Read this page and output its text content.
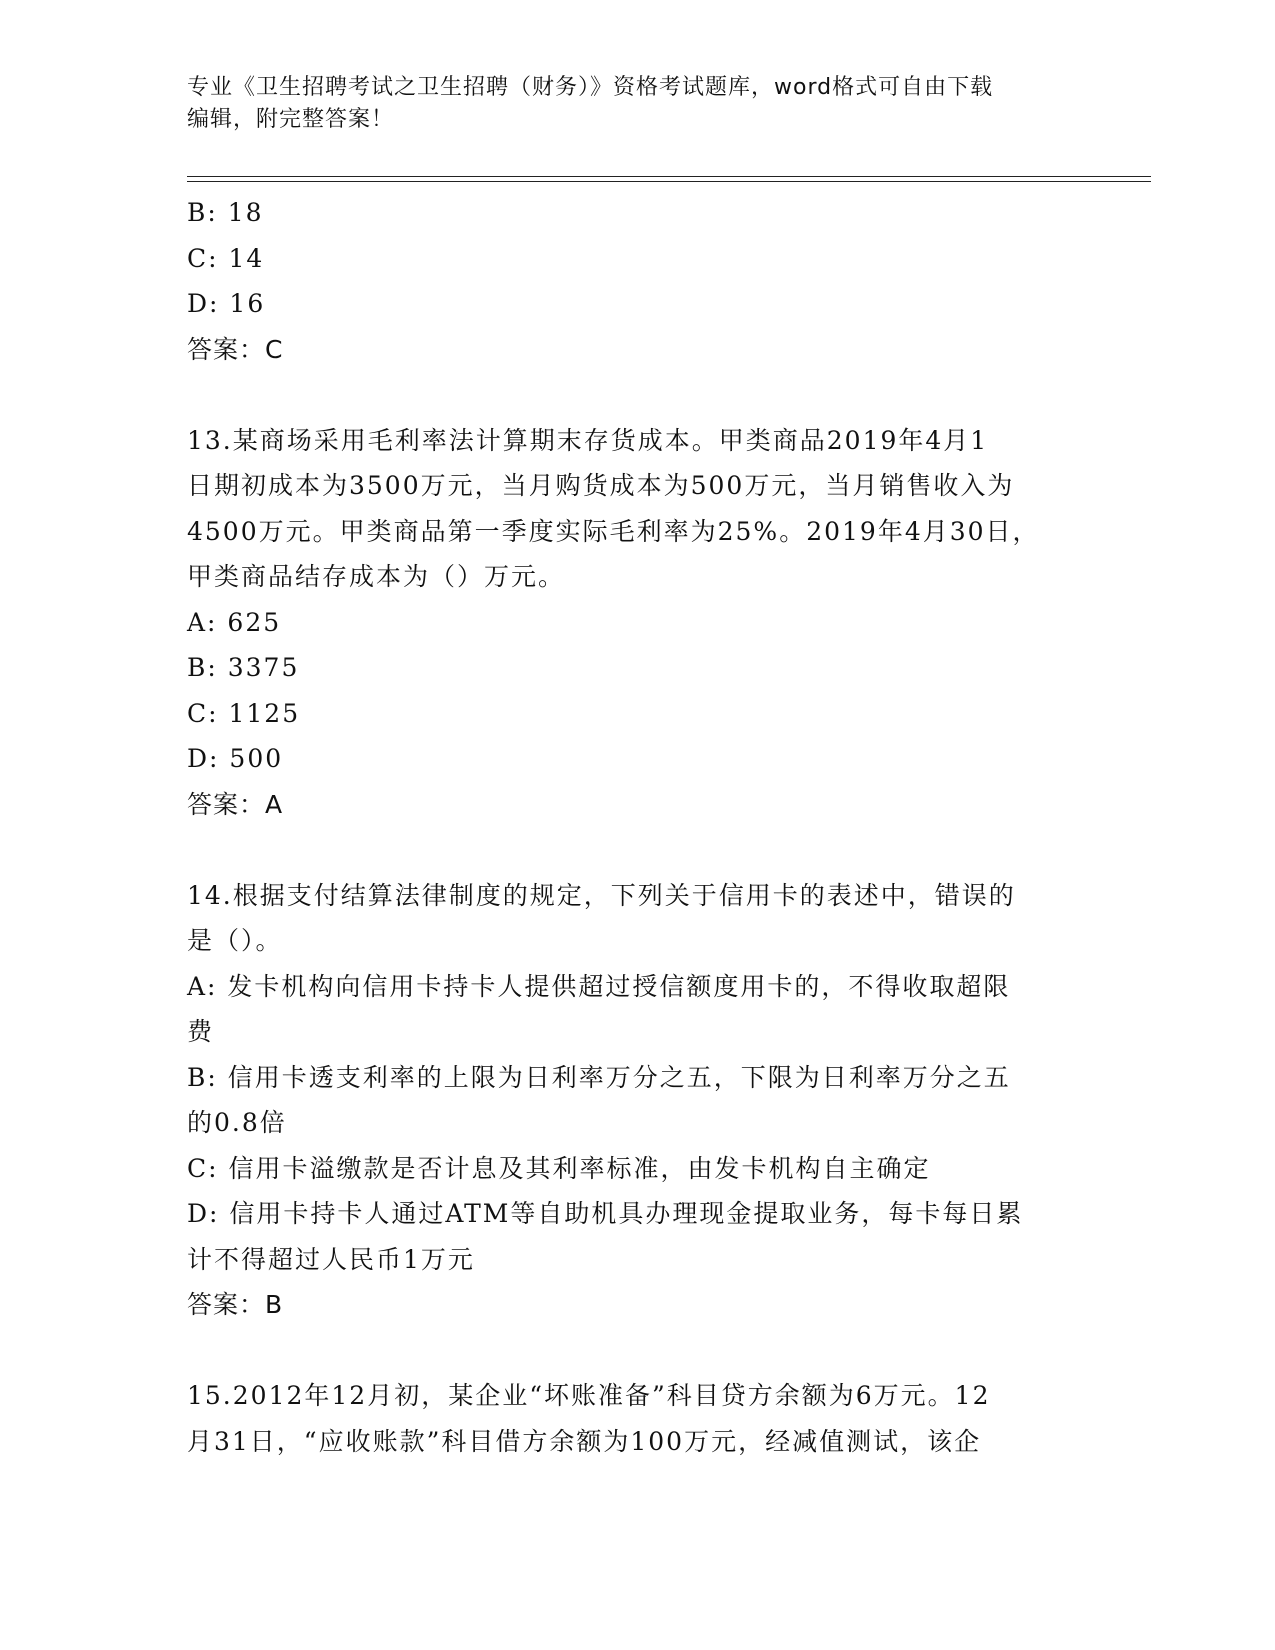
专业《卫生招聘考试之卫生招聘（财务）》资格考试题库，word格式可自由下载
编辑，附完整答案！

B: 18

C: 14

D: 16

答案：C

13.某商场采用毛利率法计算期末存货成本。甲类商品2019年4月1

日期初成本为3500万元，当月购货成本为500万元，当月销售收入为

4500万元。甲类商品第一季度实际毛利率为25%。2019年4月30日，

甲类商品结存成本为（）万元。

A: 625

B: 3375

C: 1125

D: 500

答案：A

14.根据支付结算法律制度的规定，下列关于信用卡的表述中，错误的

是（）。

A: 发卡机构向信用卡持卡人提供超过授信额度用卡的，不得收取超限

费

B: 信用卡透支利率的上限为日利率万分之五，下限为日利率万分之五

的0.8倍

C: 信用卡溢缴款是否计息及其利率标准，由发卡机构自主确定

D: 信用卡持卡人通过ATM等自助机具办理现金提取业务，每卡每日累

计不得超过人民币1万元

答案：B

15.2012年12月初，某企业“坏账准备”科目贷方余额为6万元。12

月31日，“应收账款”科目借方余额为100万元，经减值测试，该企
